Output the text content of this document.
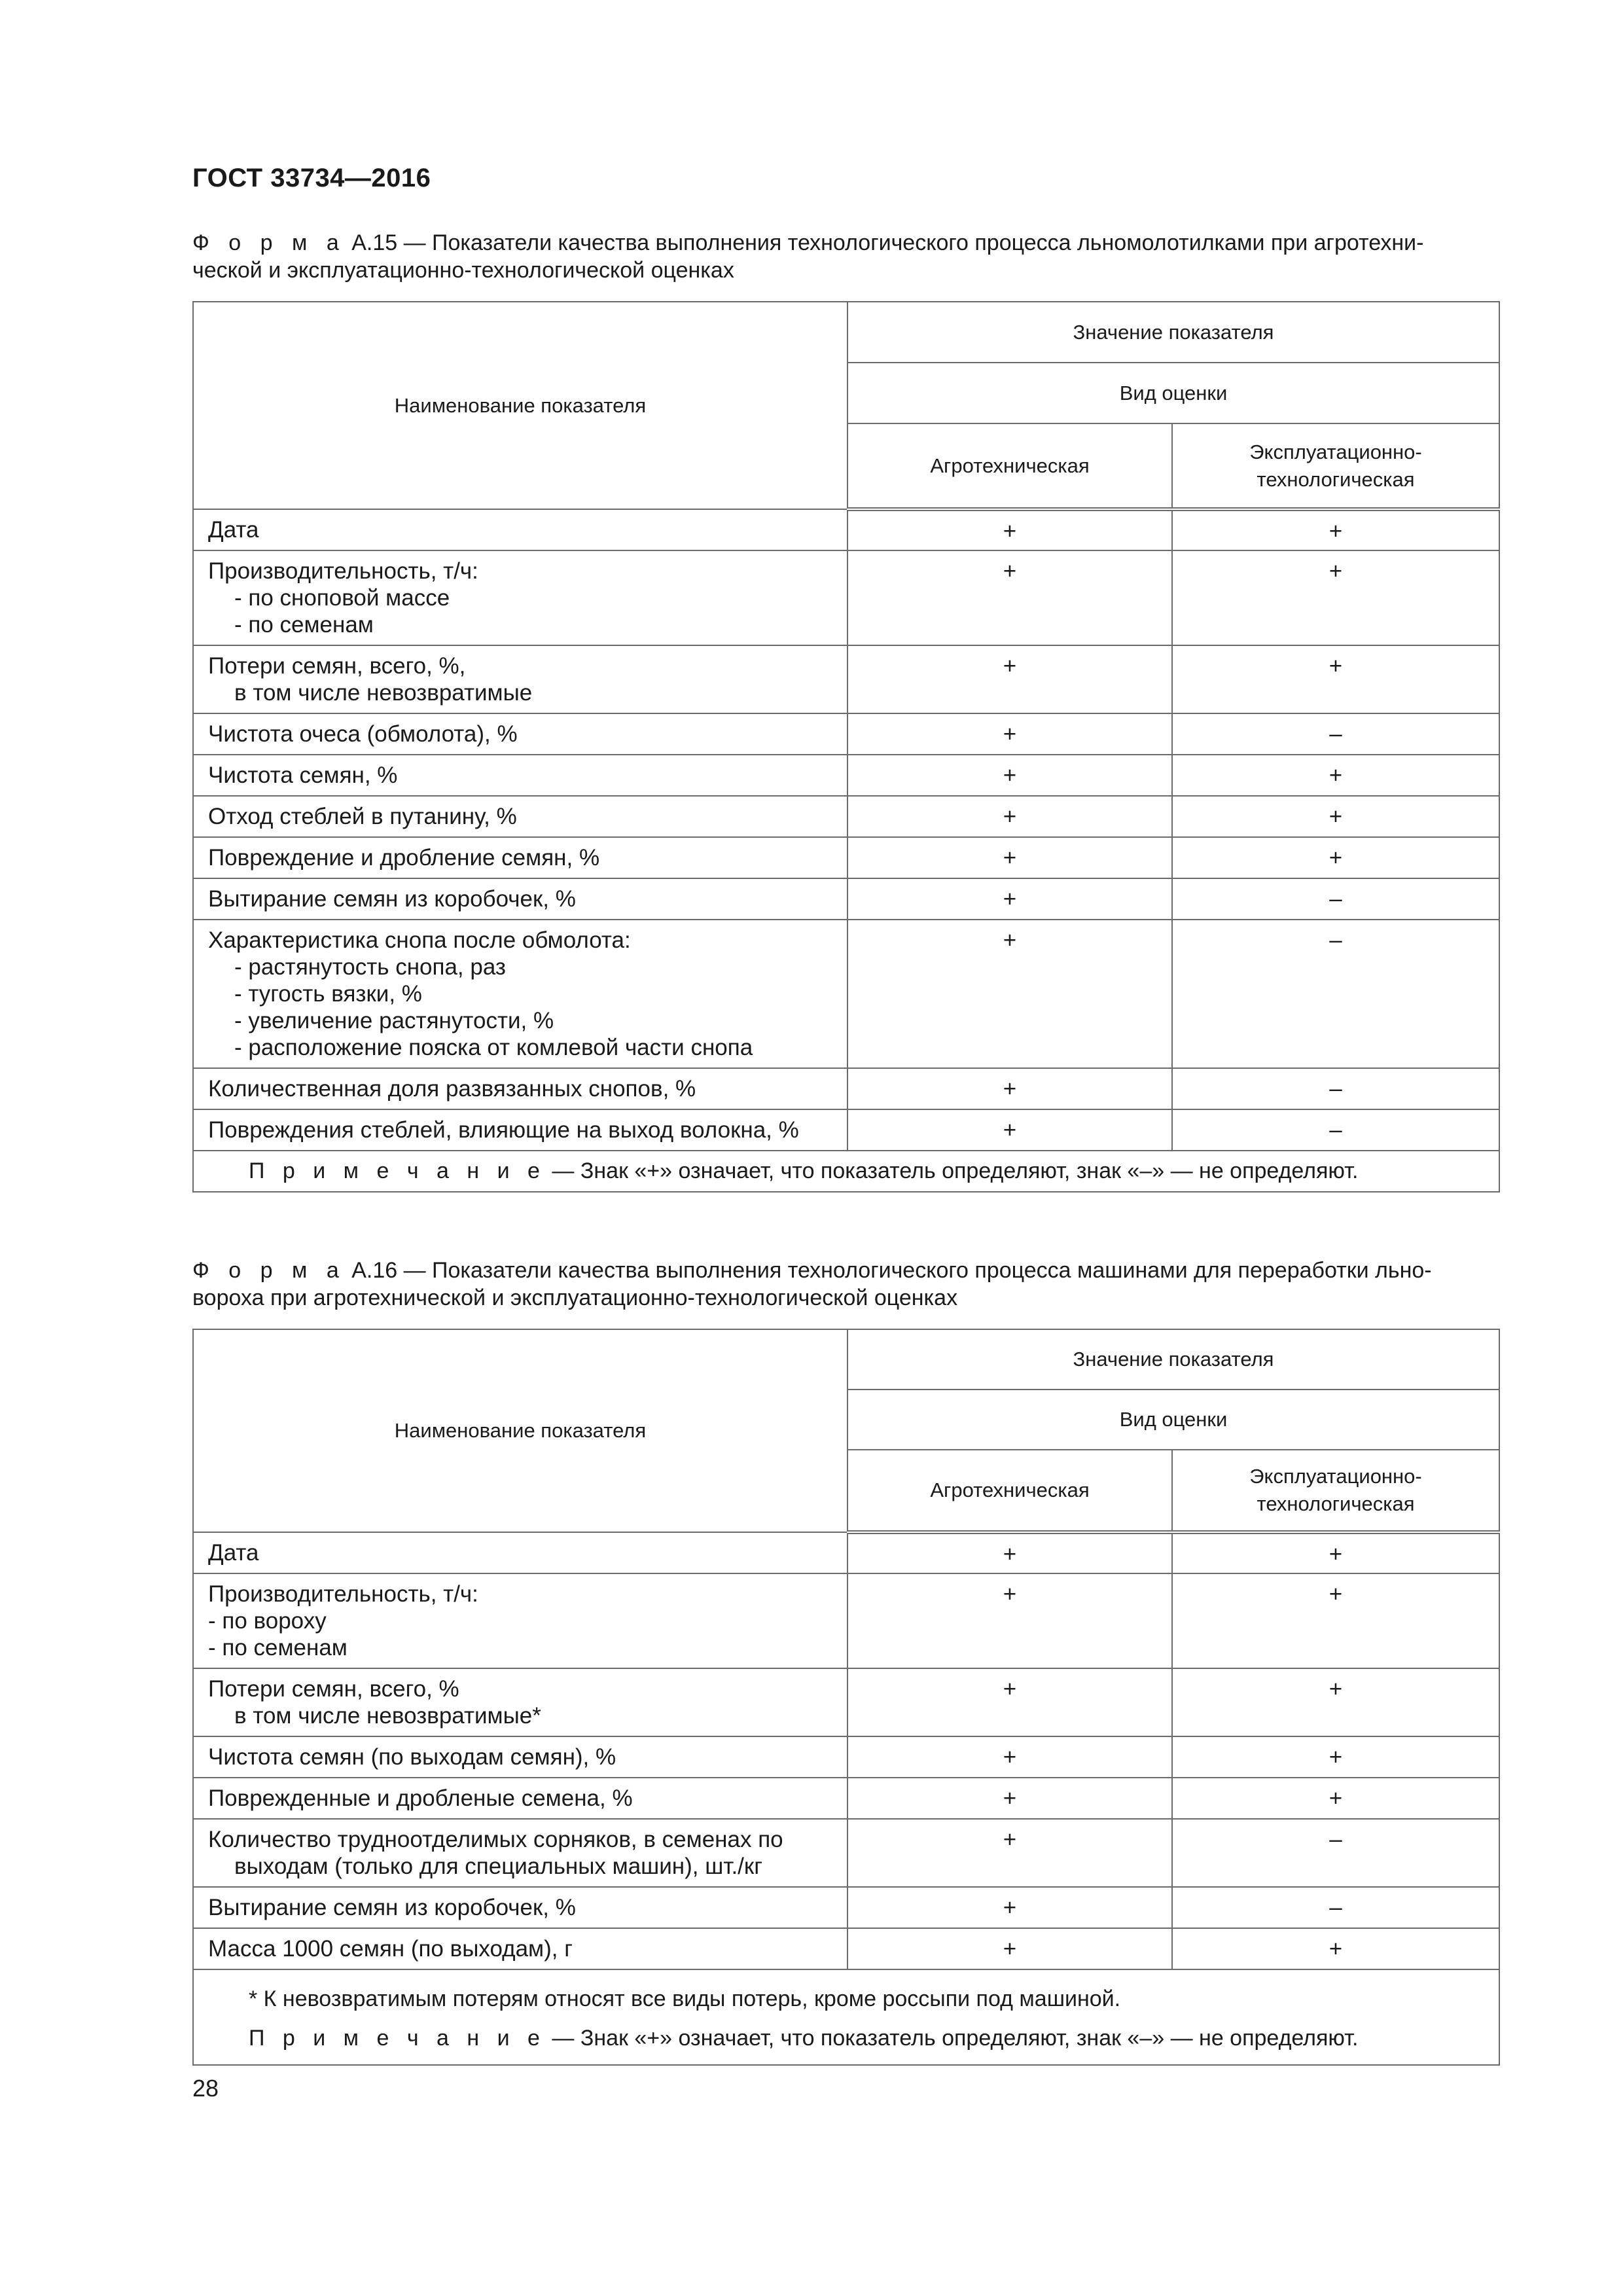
ГОСТ 33734—2016
Ф о р м а А.15 — Показатели качества выполнения технологического процесса льномолотилками при агротехни-
ческой и эксплуатационно-технологической оценках
Наименование показателя	Значение показателя	
	Вид оценки	
	Агротехническая	Эксплуатационно-
технологическая

Дата	+	+

Производительность, т/ч:
- по сноповой массе
- по семенам	+	+

Потери семян, всего, %,
в том числе невозвратимые	+	+

Чистота очеса (обмолота), %	+	–

Чистота семян, %	+	+

Отход стеблей в путанину, %	+	+

Повреждение и дробление семян, %	+	+

Вытирание семян из коробочек, %	+	–

Характеристика снопа после обмолота:
- растянутость снопа, раз
- тугость вязки, %
- увеличение растянутости, %
- расположение пояска от комлевой части снопа	+	–

Количественная доля развязанных снопов, %	+	–

Повреждения стеблей, влияющие на выход волокна, %	+	–
П р и м е ч а н и е — Знак «+» означает, что показатель определяют, знак «–» — не определяют.		
Ф о р м а А.16 — Показатели качества выполнения технологического процесса машинами для переработки льно-
вороха при агротехнической и эксплуатационно-технологической оценках
Наименование показателя	Значение показателя	
	Вид оценки	
	Агротехническая	Эксплуатационно-
технологическая

Дата	+	+

Производительность, т/ч:
- по вороху
- по семенам	+	+

Потери семян, всего, %
в том числе невозвратимые*	+	+

Чистота семян (по выходам семян), %	+	+

Поврежденные и дробленые семена, %	+	+

Количество трудноотделимых сорняков, в семенах по
выходам (только для специальных машин), шт./кг	+	–

Вытирание семян из коробочек, %	+	–

Масса 1000 семян (по выходам), г	+	+

* К невозвратимым потерям относят все виды потерь, кроме россыпи под машиной.
П р и м е ч а н и е — Знак «+» означает, что показатель определяют, знак «–» — не определяют.		
28
